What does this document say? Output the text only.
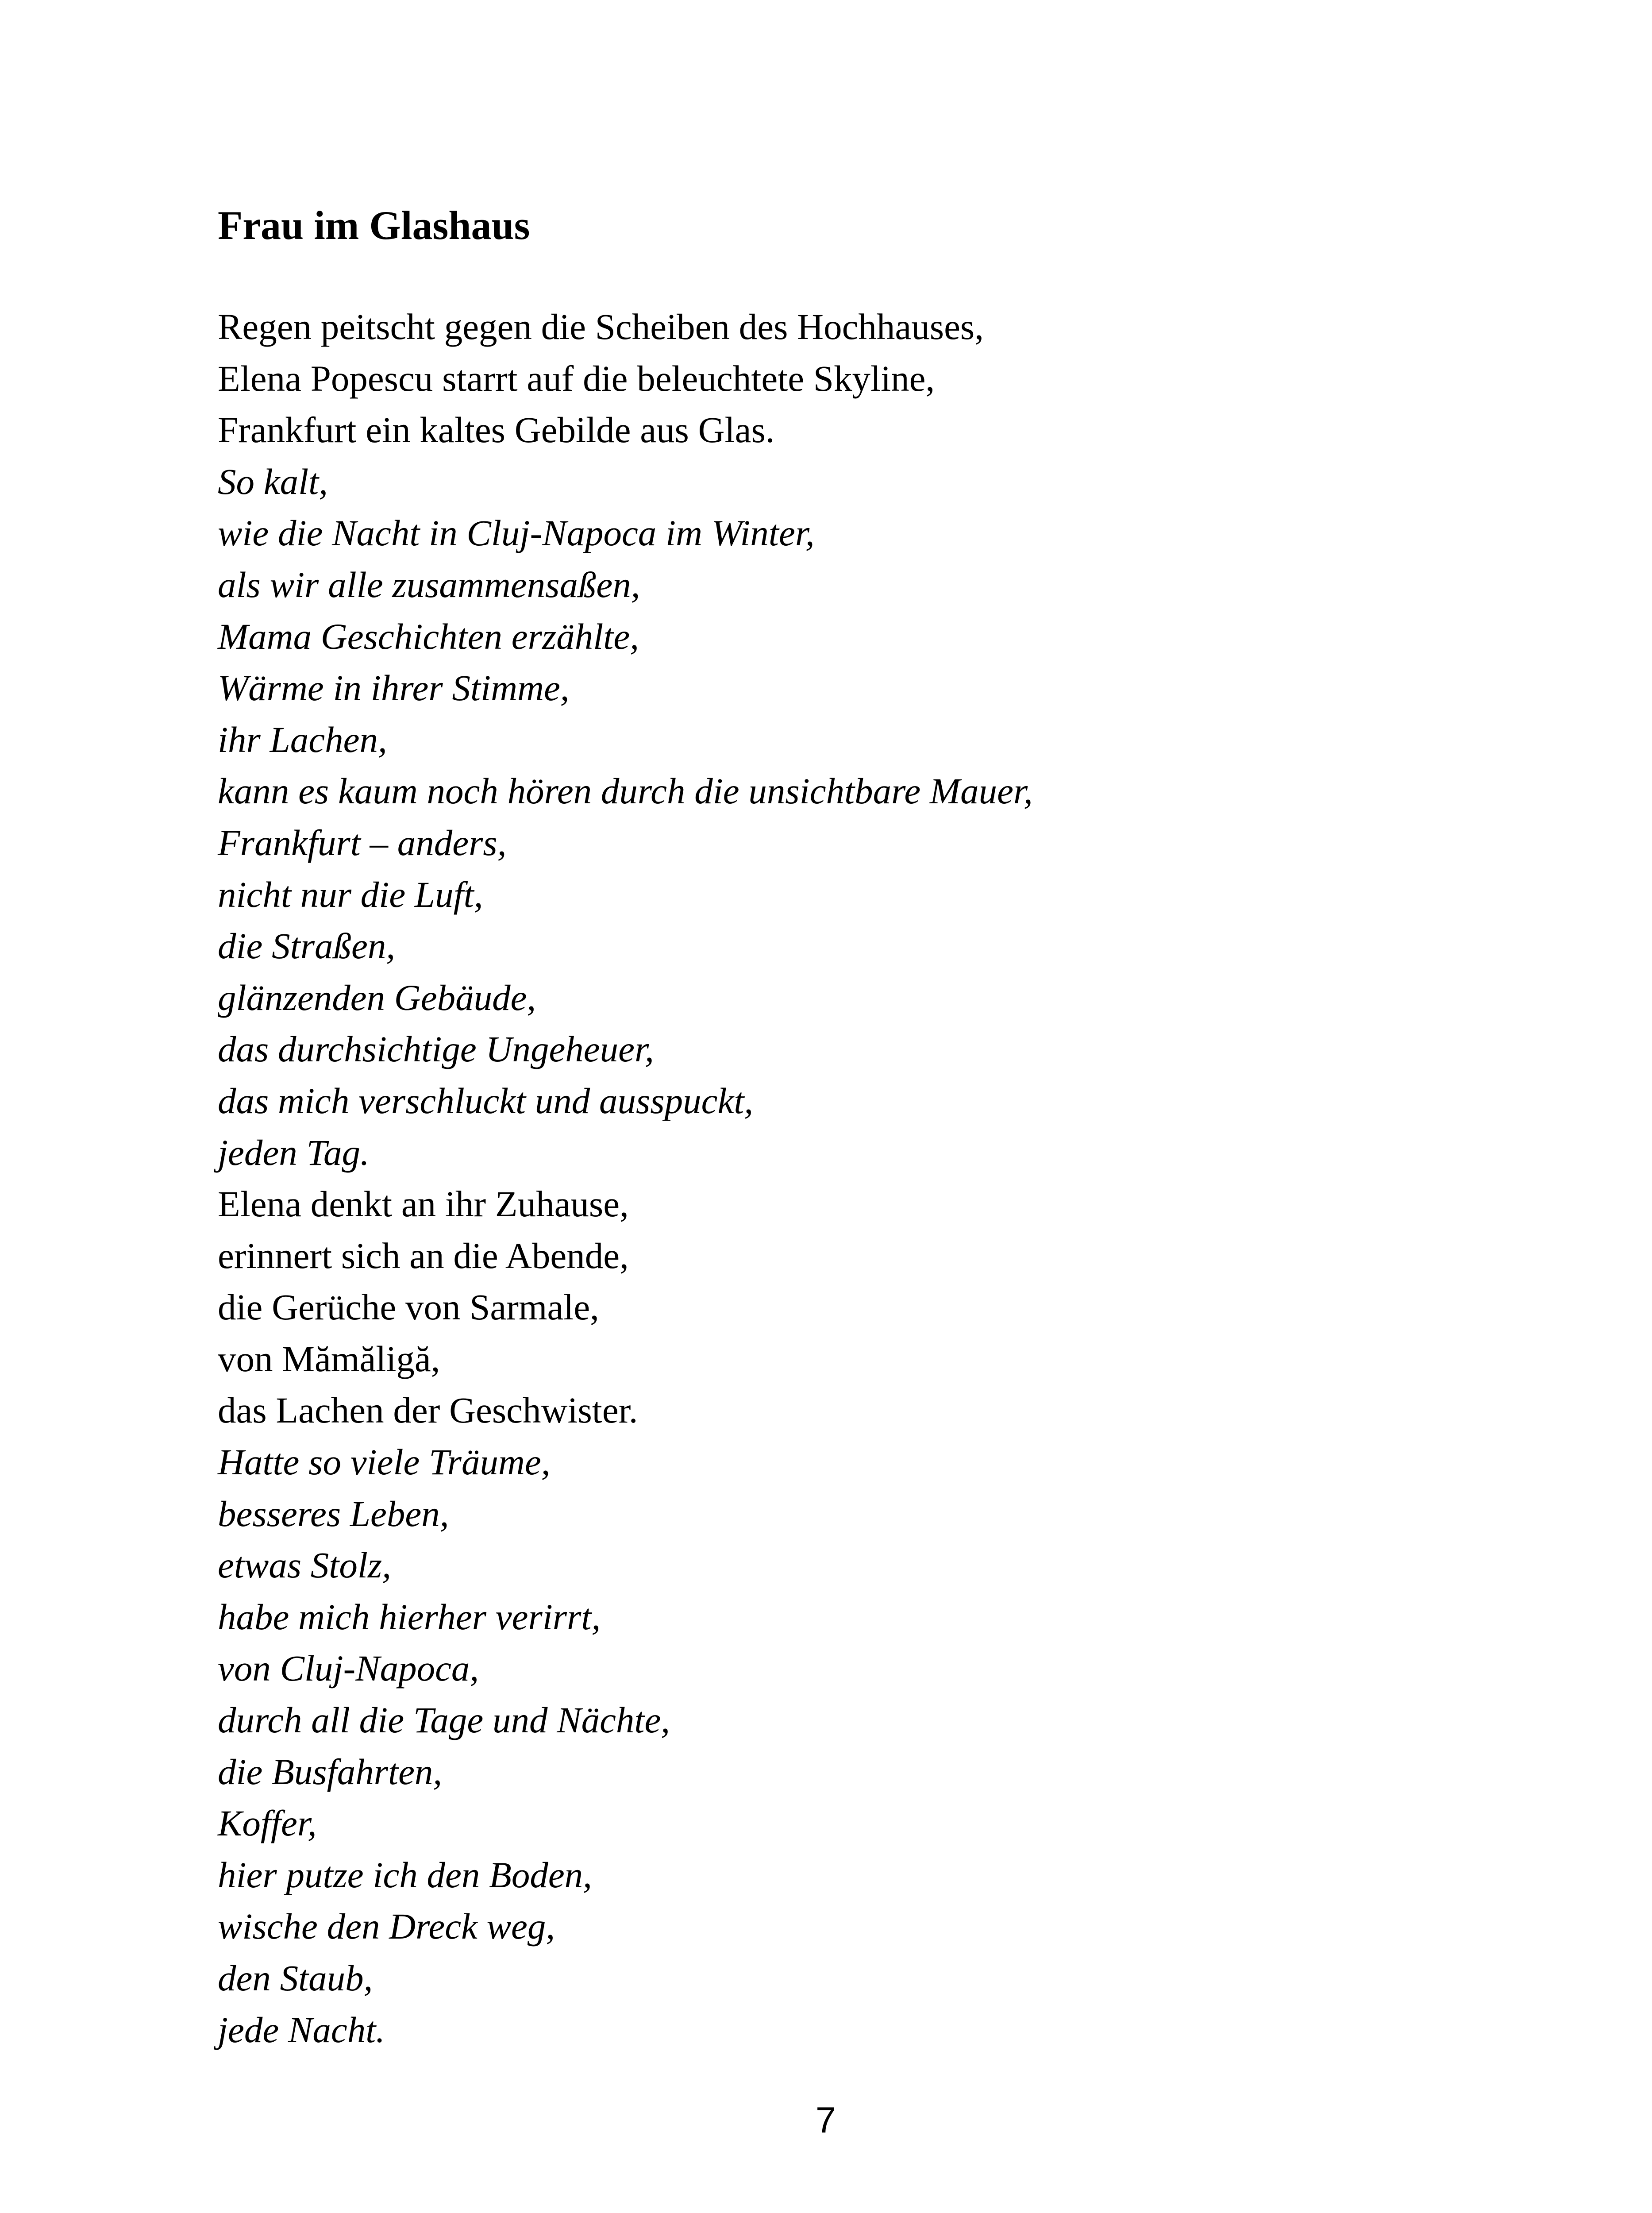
Frau im Glashaus
Regen peitscht gegen die Scheiben des Hochhauses,
Elena Popescu starrt auf die beleuchtete Skyline,
Frankfurt ein kaltes Gebilde aus Glas.
So kalt,
wie die Nacht in Cluj-Napoca im Winter,
als wir alle zusammensaßen,
Mama Geschichten erzählte,
Wärme in ihrer Stimme,
ihr Lachen,
kann es kaum noch hören durch die unsichtbare Mauer,
Frankfurt – anders,
nicht nur die Luft,
die Straßen,
glänzenden Gebäude,
das durchsichtige Ungeheuer,
das mich verschluckt und ausspuckt,
jeden Tag.
Elena denkt an ihr Zuhause,
erinnert sich an die Abende,
die Gerüche von Sarmale,
von Mămăligă,
das Lachen der Geschwister.
Hatte so viele Träume,
besseres Leben,
etwas Stolz,
habe mich hierher verirrt,
von Cluj-Napoca,
durch all die Tage und Nächte,
die Busfahrten,
Koffer,
hier putze ich den Boden,
wische den Dreck weg,
den Staub,
jede Nacht.
7
